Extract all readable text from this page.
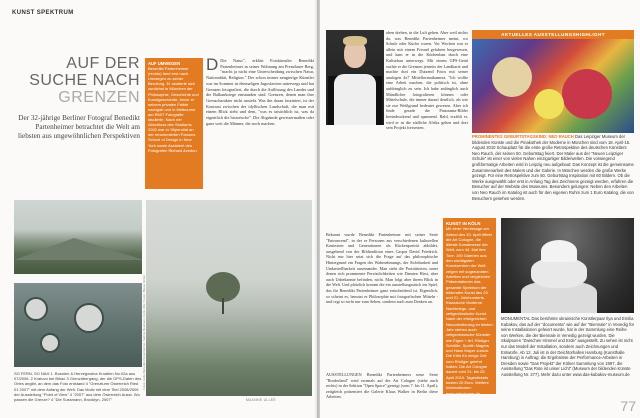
KUNST SPEKTRUM
AUF DER
SUCHE NACH
GRENZEN
Der 32-jährige Berliner Fotograf Benedikt Partenheimer betrachtet die Welt am liebsten aus ungewöhnlichen Perspektiven
AUF UMWEGEN
Benedikt Partenheimer (rechts) fand erst nach Umwegen zu seiner Berufung. Er studierte sich zunächst in München der Philosophie, Geschichte und Kunstgeschichte, bevor er seinem privaten Faible nachgab und in Melbourne am RMIT Fotografie studierte. Nach ner Abschluss des Studiums 2002 war er Stipendiat an der renommierten Parsons School of Design in New York sowie Assistent des Fotografen Richard Avedon.
D Die Natur", erklärt Fotokünstler Benedikt Partenheimer in seiner Wohnung am Prenzlauer Berg, "macht ja nicht eine Unterscheidung zwischen Natur, Nationalität, Religion." Der schon immer neugierige Künstler war im Sommer in ehemaligen Jugoslawien unterwegs und hat Grenzen fotografiert, die durch die Auflösung des Landes und die Balkankriege entstanden sind. Grenzen, denen man ihre Grenzcharakter nicht ansieht. Was ihn daran fasziniert, ist der Kontrast zwischen der idyllischen Landschaft, die man mit einem Blick sieht und dem, "was es tatsächlich ist, was da eigentlich die historische". Die Abgründe gewissermaßen oder ganz weit die Männer, die noch machen.
Fotos: Hello Benedikt Partenheimer, Sabine Baumann, Felix Ufer; Cover: Blauer Reiter
SO FERN, SO NAH 1 .Bosnien & Herzegowina Kroatien No.02a aus 07/2006. 2 Kratovo bei Bihać 3 Grenzübergang, der die GPS-Daten des Ortes angibt, an dem das Foto entstand 4 "Grenzturm Österreich Ried 01 2007" mit dem Anfang der Welt. Das Motiv mit dem Titel 2008/2009 der Ausstellung "Point of View" 4 "2007" aus dem Österreich Ausst. Wo passen die Grenze? 4 "Die Sussmann, Brooklyn, 2007"	MAXIMIE ULLEÉ
oben drehen, in die Luft gehen. Aber weil nichts da, was Benedikt Partenheimer meint, wo Schule oder Küche waren. Vor Wochen war er allein mit einem Freund gefahren hergewesen, und kam er in die Küchenbau durch eine Kulturbau unterwegs. Mit einem GPS-Gerät suchte er die Grenzen jenseits der Landkarte und machte dort ein Dutzend Fotos mit seiner analogen 4x7 Mittelformatkamera. "Ich wollte eine Arbeit machen, die politisch ist, ohne aufdringlich zu sein. Ich habe anfänglich auch Mündlicher fotografieren können oder Mittelschule, die immer darauf deutlich, als wie sie nur Weißgrund bedeutet gewesen. Aber ich finde gerade die Panorama-Bilder beeindruckend und spannend. Bald, erzählt er, wird er in die südliche Afrika gehen und dort sein Projekt fortsetzen.
Bekannt wurde Benedikt Partenheimer mit seiner Serie "Entrancend", in der er Personen aus verschiedenen kulturellen Kontexten und Generationen als Rückenporträt abbildet, ausgehend von der Bildtradition eines Caspar David Friedrich. Nicht nur hier setzt sich die Frage auf das philosophische Hintergrund ein Fragen des Wahrnehmungs, der Sichtbarkeit und Undarstellbarkeit auseinander. Man sieht die Porträtierten, unter denen sich prominente Persönlichkeiten wie Damien Hirst, aber auch Unbekannte befinden, nicht. Man folgt aber ihrem Blick in die Welt. Und plötzlich kommt die ein ausstellungsstück ins Spiel, das für Benedikt Partenheimer ganz entscheidend ist. Eigentlich, so scheint es, benutzt er Philosophie mit fotografischen Mitteln - und regt so nicht nur zum Sehen, sondern auch zum Denken an.
AUSSTELLUNGEN Benedikt Partenheimers neue Serie "Borderland" wird erstmals auf der Art Cologne (siehe auch rechts) in der Sektion "Open Space" gezeigt (vom 7. bis 11. April); zeitgleich präsentiert die Galerie Klaus Walker in Berlin diese Arbeiten.
AKTUELLES AUSSTELLUNGSHIGHLIGHT
PROMINENTES GEBURTSTAGSKIND: NEO RAUCH Das Leipziger Museum der bildenden Künste und die Pinakothek der Moderne in München sind vom 18. April-15. August 2010 Schauplatz für die erste große Retrospektive des deutschen Künstlers Neo Rauch, der seinen 50. Geburtstag feiert. Der Maler aus der "Neuen Leipziger Schule" ist einer von vielen Nahen einzigartiger Bilderwelten. Die vorwiegend großformatige Arbeiten wird in Leipzig neu aufgebaut: Das Konzept ist die gemeinsame Zusammenarbeit des Malers und der Galerie. In München werden die große Werke gezeigt. Für eine Retrospektive zum 50. Geburtstag Inspiration mit 60 Bildern. Ob die Werke ausgewählt oder erst in Anfang Tag des Zeichnens gezeigt werden, erfahren die Besucher auf der Website des Museums. Besonders gelungen: Neben den Arbeiten von Neo Rauch im Katalog ist auch für den eigenen Ruhm zum 1 Euro Katalog, die von Besuchern gesehen werden.
KUNST IN KÖLN
Mit einer Vernissage am Abend des 20. April öffnet die Art Cologne, die älteste Kunstmesse der Welt, zum 44. Mal ihre Tore. 190 Galerien aus den wichtigsten Kunstzentren der Welt zeigen mit sogenannten Arbeiten und vergleichen Präsentationen das gesamte Spektrum der bildenden Kunst des 20. und 21. Jahrhunderts. Klassische Moderne, Nachkriegs- und zeitgenössische Kunst. Nach der erfolgreichen Neuorientierung im letzten Jahr stehen auch zeitgenössische Künstler wie Eigen + Art, Rüdiger Schöttle, Sprüth Magers und Hans Mayer zurück. Die Köln für einige Zeit zum Rüdiger gelehrt halten. Die Art Cologne dauert vom 21. bis 25. April 2010. Tagestickets kosten 20 Euro. Weitere Informationen: www.artcologne.de
MONUMENTAL Das berühmte ukrainische Künstlerpaar Ilya und Emilia Kabakov, das auf der "documenta" wie auf der "Biennale" in Venedig für seine Installationen gefeiert wurde, hat in der Sammlung eine Reihe von Werken, die der Biennale in Venedig gezeigt wurden. Die Skulpturen "Zwischen Himmel und Erde" ausgestellt. Zu sehen ist nicht nur das Modell der Installation, sondern auch Zeichnungen und Entwürfe. Ab 12. Juli ist in der Deichtorhallen Hamburg (Kunsthalle Hamburg) in Auftrag: die Ergebnisse der Performance-Arbeiten in Dresden sowie "Das Projekt" der Kölner Sammlung von 1997, die Ausstellung "Das Rote ist unser Licht" (Museum der bildenden Künste Ausstellung Nr. 277). Mehr dazu unter www.das-kabakov-museum.de
77
